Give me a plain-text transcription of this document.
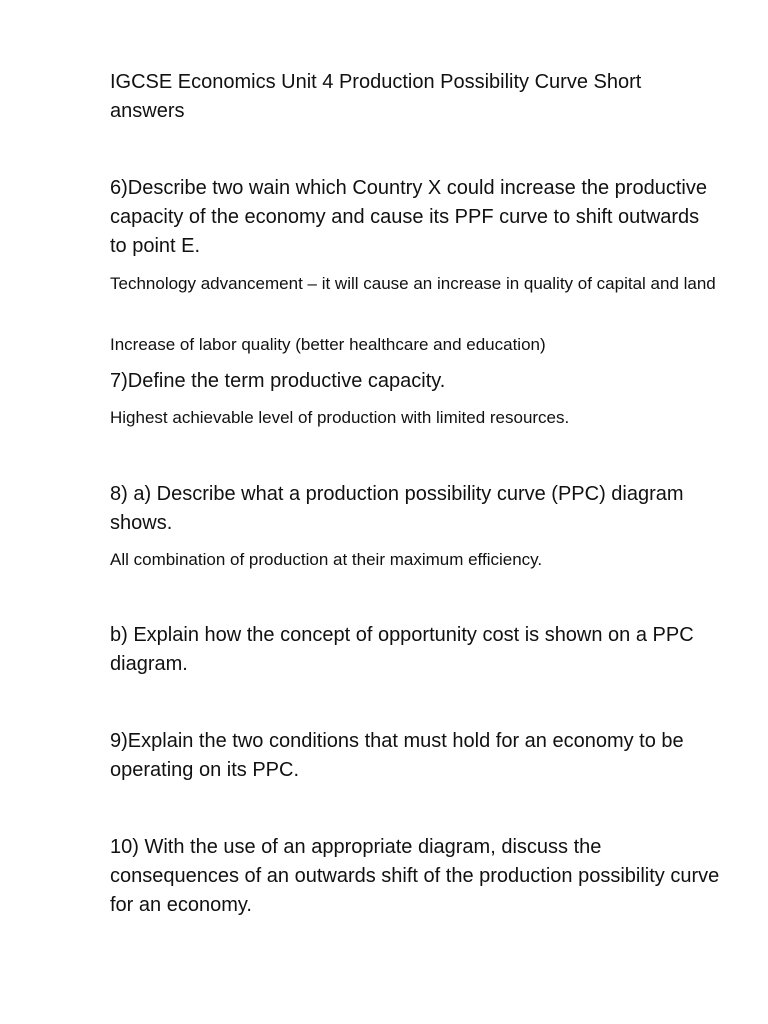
IGCSE Economics Unit 4 Production Possibility Curve Short answers

6)Describe two wain which Country X could increase the productive capacity of the economy and cause its PPF curve to shift outwards to point E.

Technology advancement – it will cause an increase in quality of capital and land

Increase of labor quality (better healthcare and education)

7)Define the term productive capacity.

Highest achievable level of production with limited resources.

8) a) Describe what a production possibility curve (PPC) diagram shows.

All combination of production at their maximum efficiency.

b) Explain how the concept of opportunity cost is shown on a PPC diagram.

9)Explain the two conditions that must hold for an economy to be operating on its PPC.

10) With the use of an appropriate diagram, discuss the consequences of an outwards shift of the production possibility curve for an economy.
